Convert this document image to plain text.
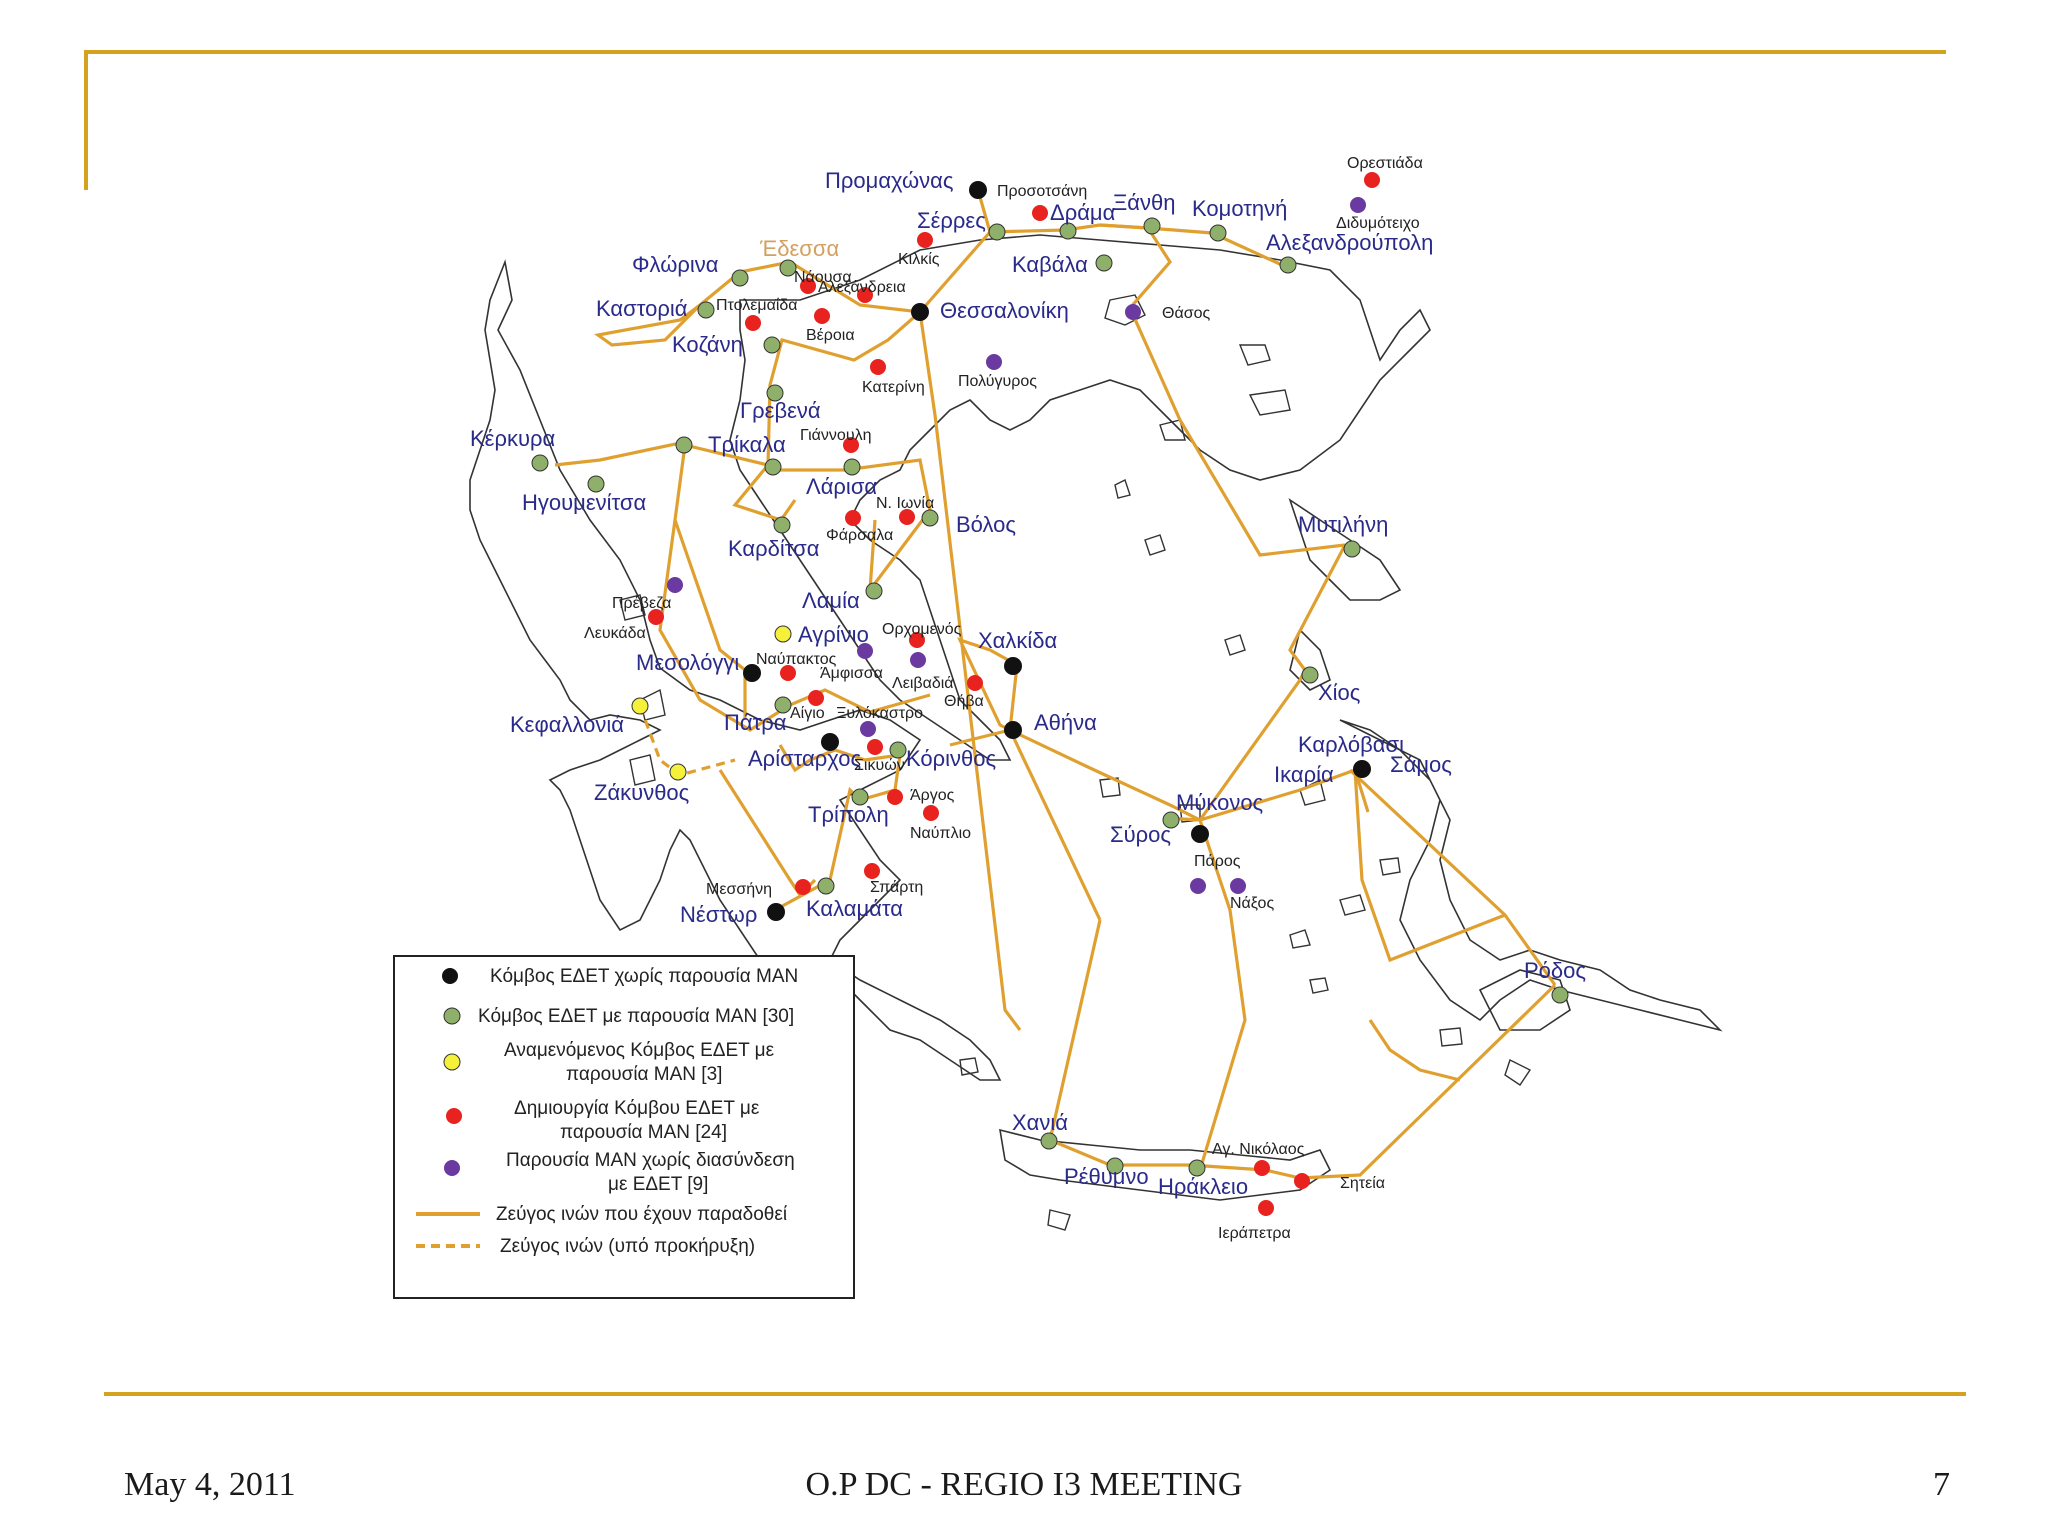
Προμαχώνας	Προσοτσάνη
Σέρρες	Δράμα
Ξάνθη Κομοτηνή
Ορεστιάδα
Διδυμότειχο
Αλεξανδρούπολη
Έδεσσα
Φλώρινα
Νάουσα
Αλεξάνδρεια
Κιλκίς	Καβάλα
Καστοριά Πτολεμαΐδα	Θεσσαλονίκη	Θάσος
Βέροια
Κοζάνη
Κατερίνη Πολύγυρος
Γρεβενά
Κέρκυρα	Γιάννουλη
Τρίκαλα
Λάρισα
Ηγουμενίτσα	Ν. Ιωνία
Βόλος
Φάρσαλα
Καρδίτσα
Μυτιλήνη
Πρέβεζα	Λαμία
Λευκάδα	Αγρίνιο Ορχομενός Χαλκίδα
Μεσολόγγι Ναύπακτος
Άμφισσα
Λειβαδιά
Θήβα	Χίος
Κεφαλλονιά	Αίγιο Ξυλόκαστρο
Πάτρα	Αθήνα
Καρλόβασι
Αρίσταρχος
Σικυών Κόρινθος
Ικαρία	Σάμος
Ζάκυνθος	Άργος	Μύκονος
Τρίπολη
Ναύπλιο	Σύρος
Πάρος
Μεσσήνη	Σπάρτη
Νάξος
Νέστωρ Καλαμάτα
Ρόδος
Χανιά
Αγ. Νικόλαος
Ρέθυμνο Ηράκλειο	Σητεία
Ιεράπετρα
Κόμβος ΕΔΕΤ χωρίς παρουσία MAN
Κόμβος ΕΔΕΤ με παρουσία MAN [30]
Αναμενόμενος Κόμβος ΕΔΕΤ με
παρουσία MAN [3]
Δημιουργία Κόμβου ΕΔΕΤ με
παρουσία MAN [24]
Παρουσία MAN χωρίς διασύνδεση
με ΕΔΕΤ [9]
Ζεύγος ινών που έχουν παραδοθεί
Ζεύγος ινών (υπό προκήρυξη)
May 4, 2011	O.P DC - REGIO I3 MEETING	7
